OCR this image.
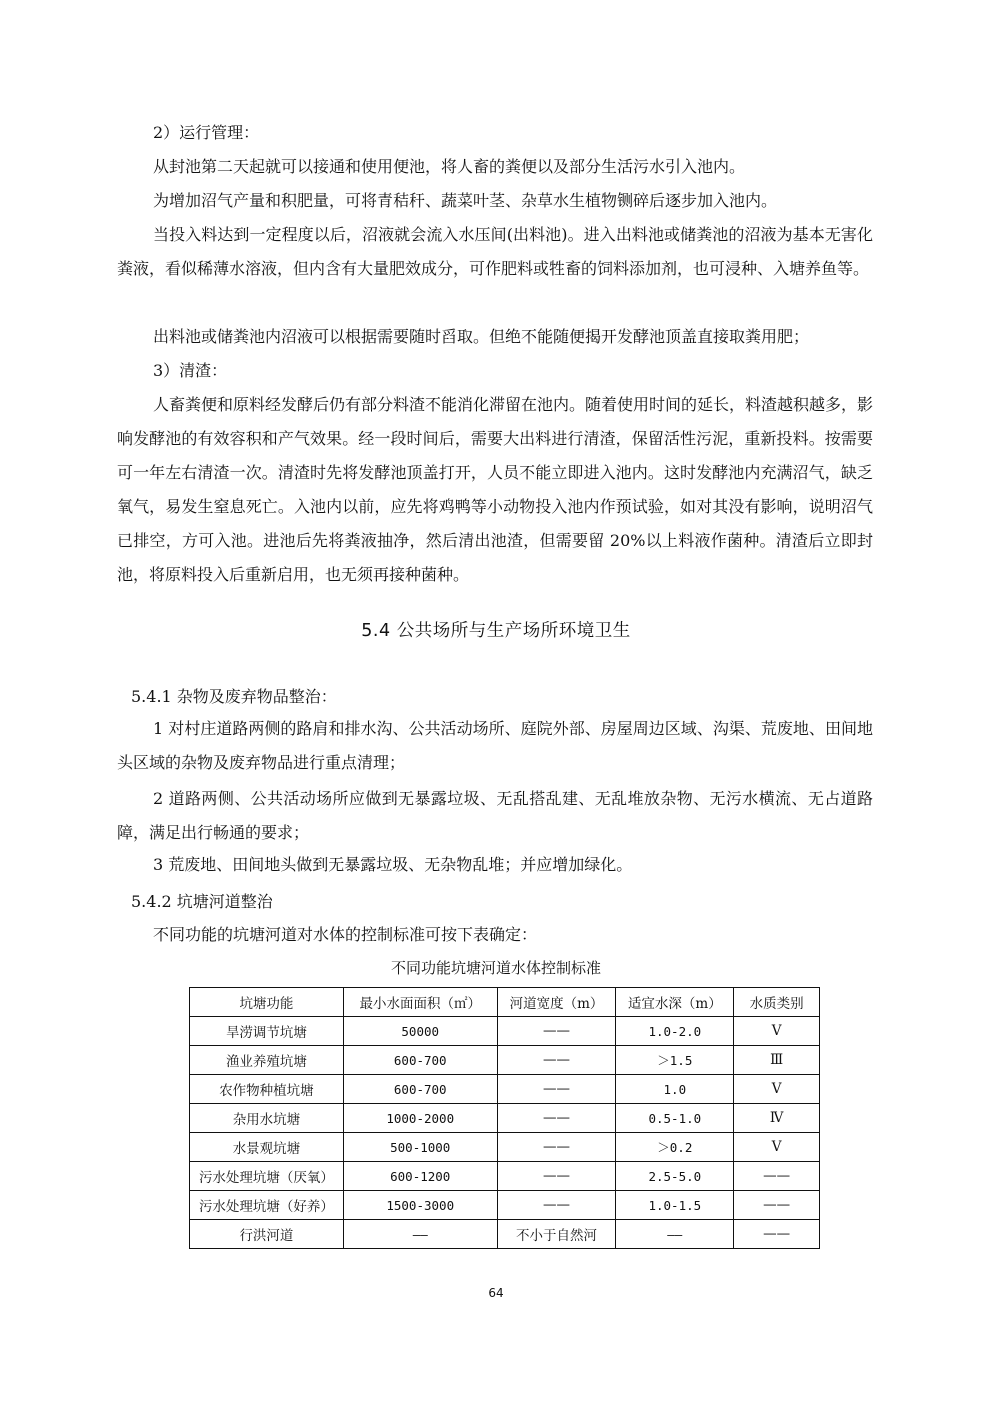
2）运行管理：

从封池第二天起就可以接通和使用便池，将人畜的粪便以及部分生活污水引入池内。

为增加沼气产量和积肥量，可将青秸秆、蔬菜叶茎、杂草水生植物铡碎后逐步加入池内。

当投入料达到一定程度以后，沼液就会流入水压间(出料池)。进入出料池或储粪池的沼液为基本无害化粪液，看似稀薄水溶液，但内含有大量肥效成分，可作肥料或牲畜的饲料添加剂，也可浸种、入塘养鱼等。

出料池或储粪池内沼液可以根据需要随时舀取。但绝不能随便揭开发酵池顶盖直接取粪用肥；

3）清渣：

人畜粪便和原料经发酵后仍有部分料渣不能消化滞留在池内。随着使用时间的延长，料渣越积越多，影响发酵池的有效容积和产气效果。经一段时间后，需要大出料进行清渣，保留活性污泥，重新投料。按需要可一年左右清渣一次。清渣时先将发酵池顶盖打开，人员不能立即进入池内。这时发酵池内充满沼气，缺乏氧气，易发生窒息死亡。入池内以前，应先将鸡鸭等小动物投入池内作预试验，如对其没有影响，说明沼气已排空，方可入池。进池后先将粪液抽净，然后清出池渣，但需要留 20%以上料液作菌种。清渣后立即封池，将原料投入后重新启用，也无须再接种菌种。

5.4 公共场所与生产场所环境卫生
5.4.1 杂物及废弃物品整治：

1 对村庄道路两侧的路肩和排水沟、公共活动场所、庭院外部、房屋周边区域、沟渠、荒废地、田间地头区域的杂物及废弃物品进行重点清理；

2 道路两侧、公共活动场所应做到无暴露垃圾、无乱搭乱建、无乱堆放杂物、无污水横流、无占道路障，满足出行畅通的要求；

3 荒废地、田间地头做到无暴露垃圾、无杂物乱堆；并应增加绿化。

5.4.2 坑塘河道整治

不同功能的坑塘河道对水体的控制标准可按下表确定：

不同功能坑塘河道水体控制标准
坑塘功能	最小水面面积（㎡）	河道宽度（m）	适宜水深（m）	水质类别
旱涝调节坑塘	50000	——	1.0-2.0	Ⅴ
渔业养殖坑塘	600-700	——	＞1.5	Ⅲ
农作物种植坑塘	600-700	——	1.0	Ⅴ
杂用水坑塘	1000-2000	——	0.5-1.0	Ⅳ
水景观坑塘	500-1000	——	＞0.2	Ⅴ
污水处理坑塘（厌氧）	600-1200	——	2.5-5.0	——
污水处理坑塘（好养）	1500-3000	——	1.0-1.5	——
行洪河道	——	不小于自然河	——	——
64
